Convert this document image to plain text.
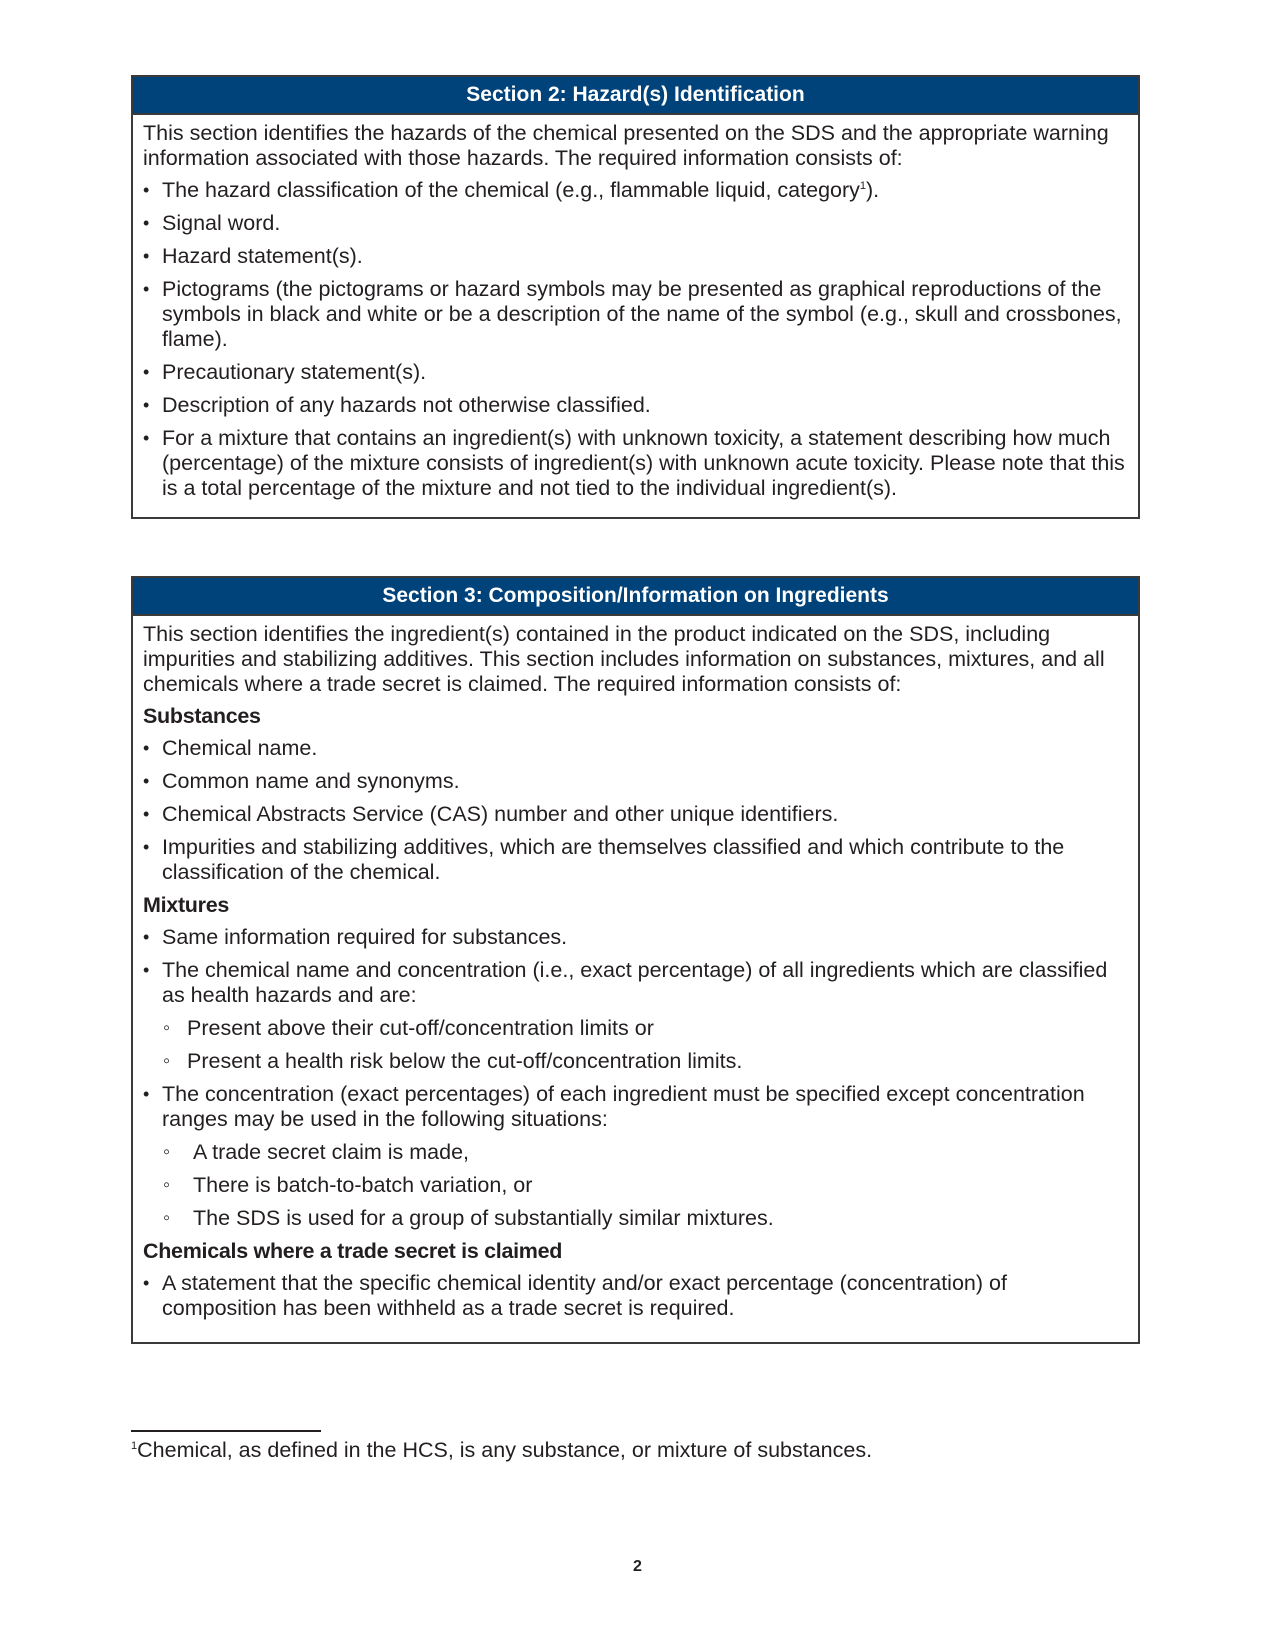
Section 2: Hazard(s) Identification

This section identifies the hazards of the chemical presented on the SDS and the appropriate warning information associated with those hazards. The required information consists of:

• The hazard classification of the chemical (e.g., flammable liquid, category$^1$).
• Signal word.
• Hazard statement(s).
• Pictograms (the pictograms or hazard symbols may be presented as graphical reproductions of the symbols in black and white or be a description of the name of the symbol (e.g., skull and crossbones, flame).
• Precautionary statement(s).
• Description of any hazards not otherwise classified.
• For a mixture that contains an ingredient(s) with unknown toxicity, a statement describing how much (percentage) of the mixture consists of ingredient(s) with unknown acute toxicity. Please note that this is a total percentage of the mixture and not tied to the individual ingredient(s).
Section 3: Composition/Information on Ingredients

This section identifies the ingredient(s) contained in the product indicated on the SDS, including impurities and stabilizing additives. This section includes information on substances, mixtures, and all chemicals where a trade secret is claimed. The required information consists of:

Substances
• Chemical name.
• Common name and synonyms.
• Chemical Abstracts Service (CAS) number and other unique identifiers.
• Impurities and stabilizing additives, which are themselves classified and which contribute to the classification of the chemical.
Mixtures
• Same information required for substances.
• The chemical name and concentration (i.e., exact percentage) of all ingredients which are classified as health hazards and are:
◦ Present above their cut-off/concentration limits or
◦ Present a health risk below the cut-off/concentration limits.
• The concentration (exact percentages) of each ingredient must be specified except concentration ranges may be used in the following situations:
◦ A trade secret claim is made,
◦ There is batch-to-batch variation, or
◦ The SDS is used for a group of substantially similar mixtures.
Chemicals where a trade secret is claimed
• A statement that the specific chemical identity and/or exact percentage (concentration) of composition has been withheld as a trade secret is required.
$^1$Chemical, as defined in the HCS, is any substance, or mixture of substances.
2
